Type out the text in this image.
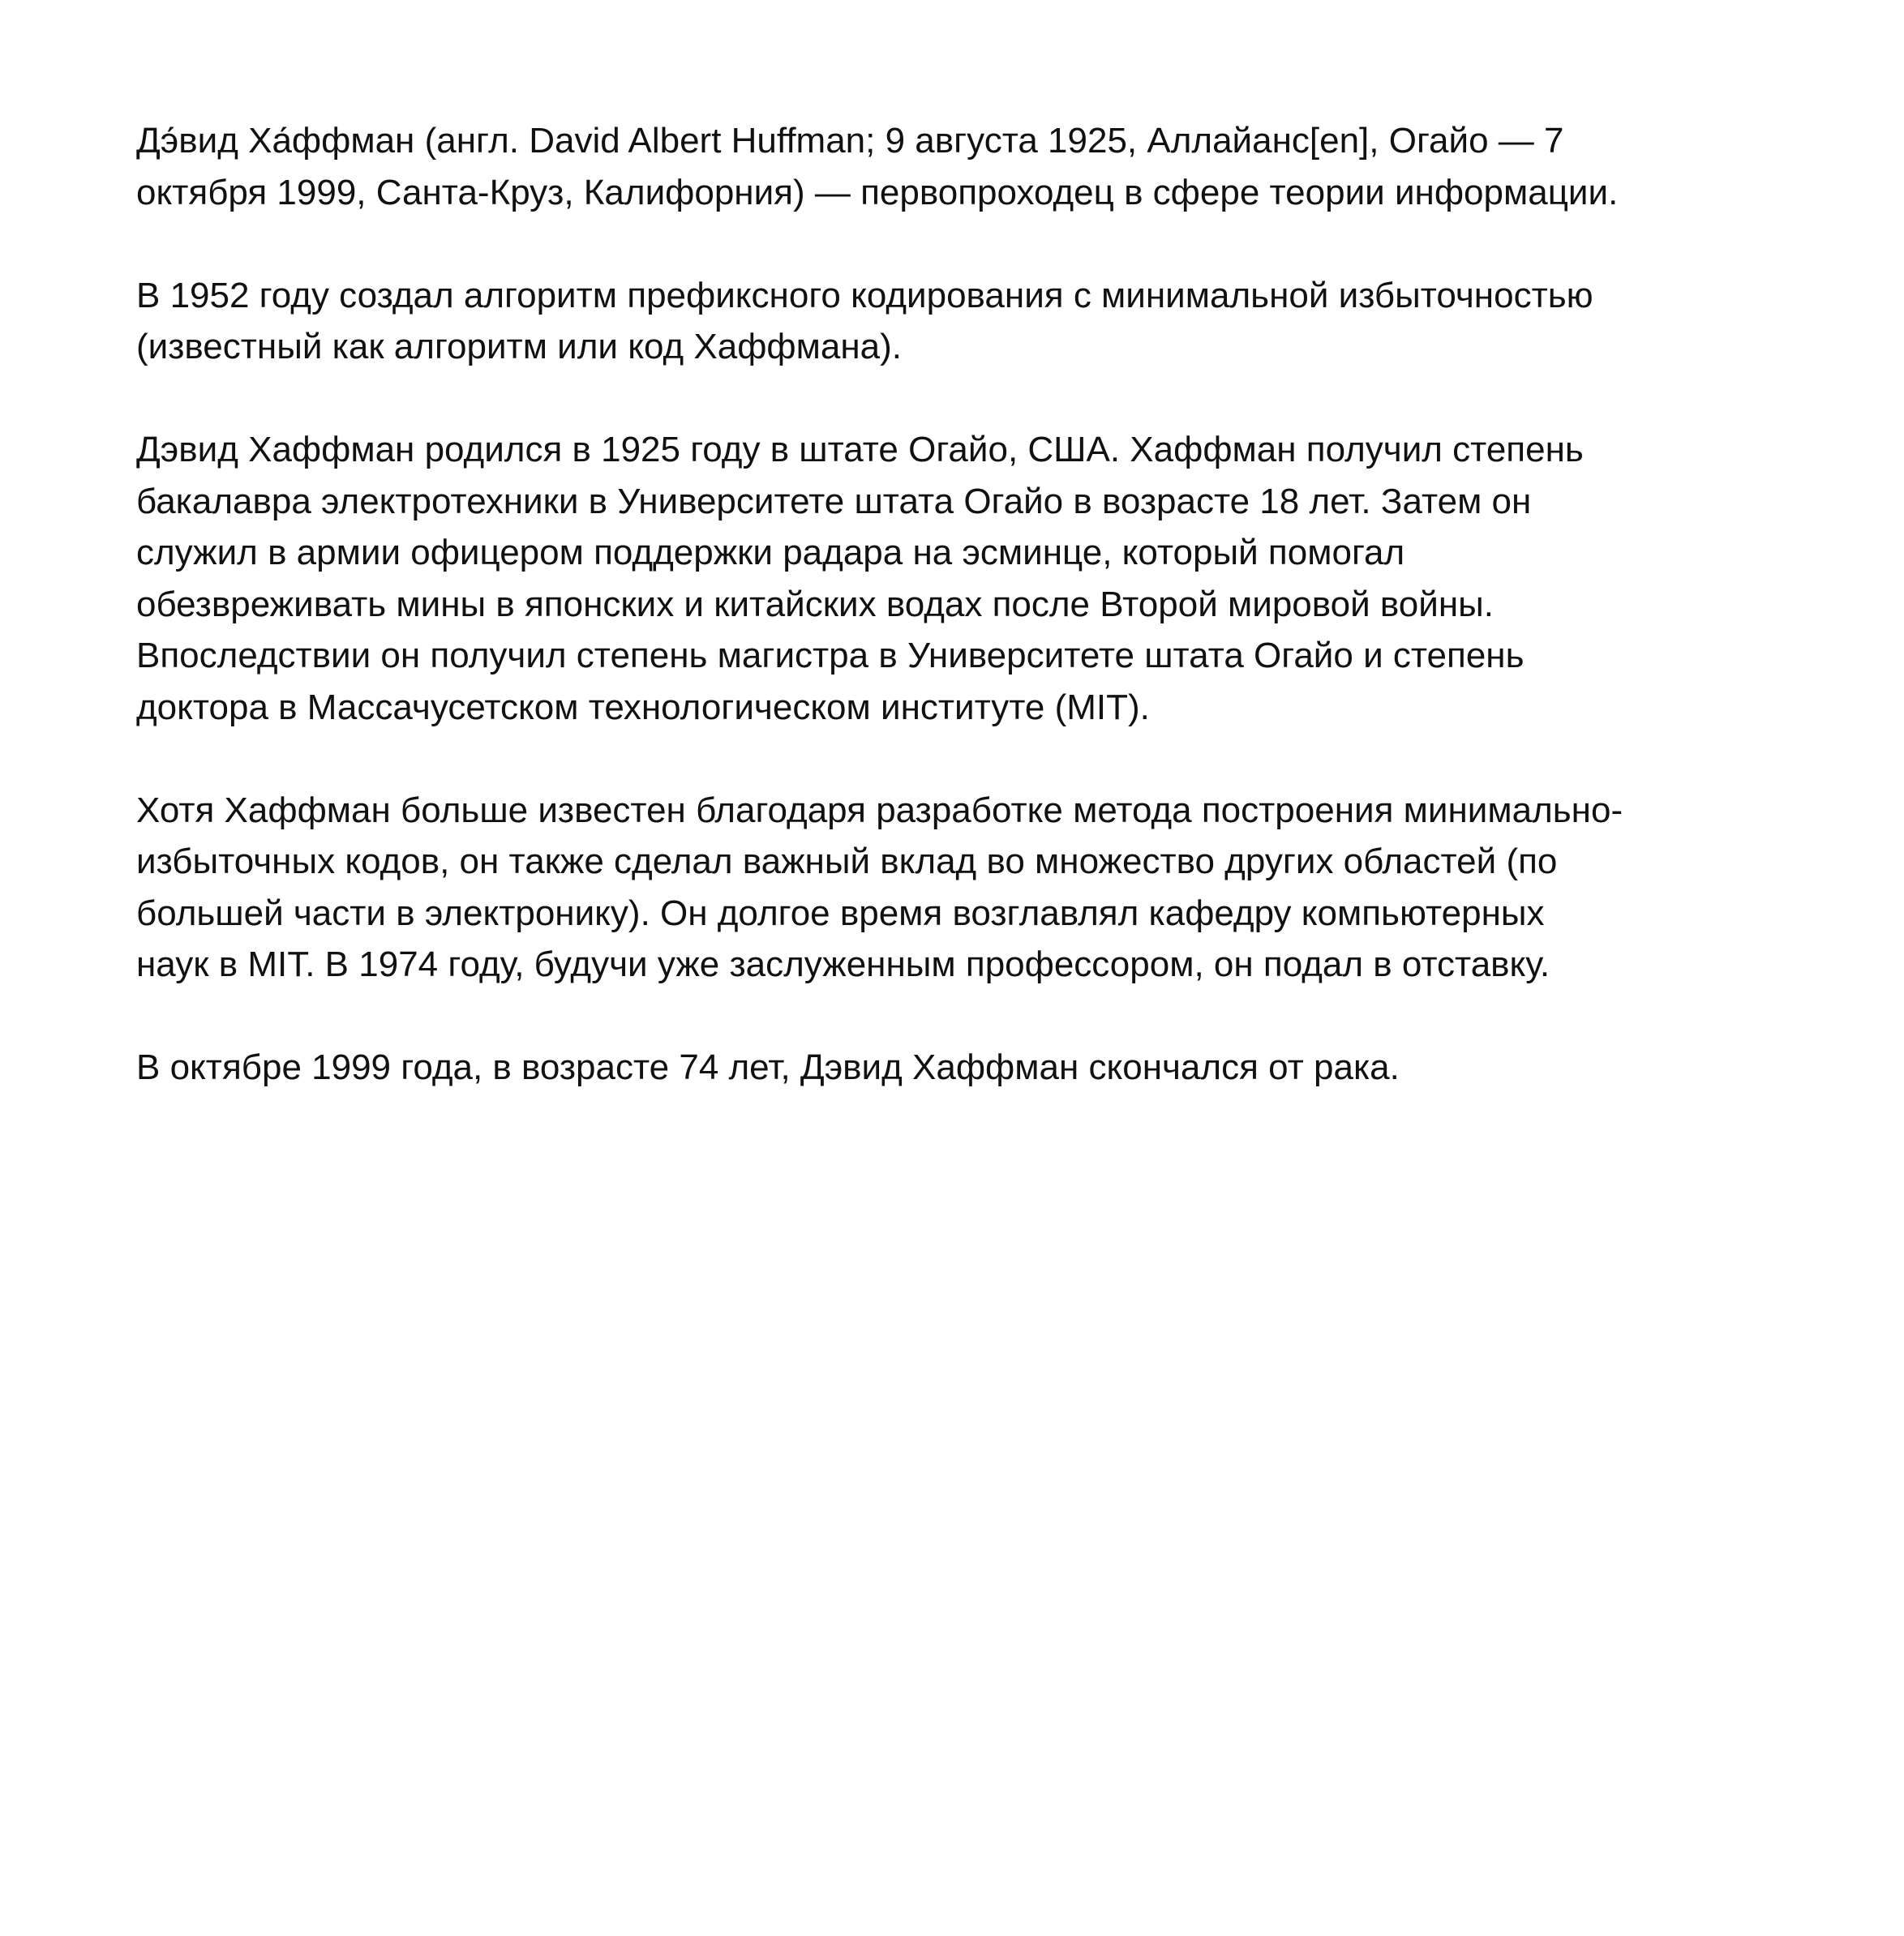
Дэ́вид Ха́ффман (англ. David Albert Huffman; 9 августа 1925, Аллайанс[en], Огайо — 7
октября 1999, Санта-Круз, Калифорния) — первопроходец в сфере теории информации.

В 1952 году создал алгоритм префиксного кодирования с минимальной избыточностью
(известный как алгоритм или код Хаффмана).

Дэвид Хаффман родился в 1925 году в штате Огайо, США. Хаффман получил степень
бакалавра электротехники в Университете штата Огайо в возрасте 18 лет. Затем он
служил в армии офицером поддержки радара на эсминце, который помогал
обезвреживать мины в японских и китайских водах после Второй мировой войны.
Впоследствии он получил степень магистра в Университете штата Огайо и степень
доктора в Массачусетском технологическом институте (MIT).

Хотя Хаффман больше известен благодаря разработке метода построения минимально-
избыточных кодов, он также сделал важный вклад во множество других областей (по
большей части в электронику). Он долгое время возглавлял кафедру компьютерных
наук в MIT. В 1974 году, будучи уже заслуженным профессором, он подал в отставку.

В октябре 1999 года, в возрасте 74 лет, Дэвид Хаффман скончался от рака.
